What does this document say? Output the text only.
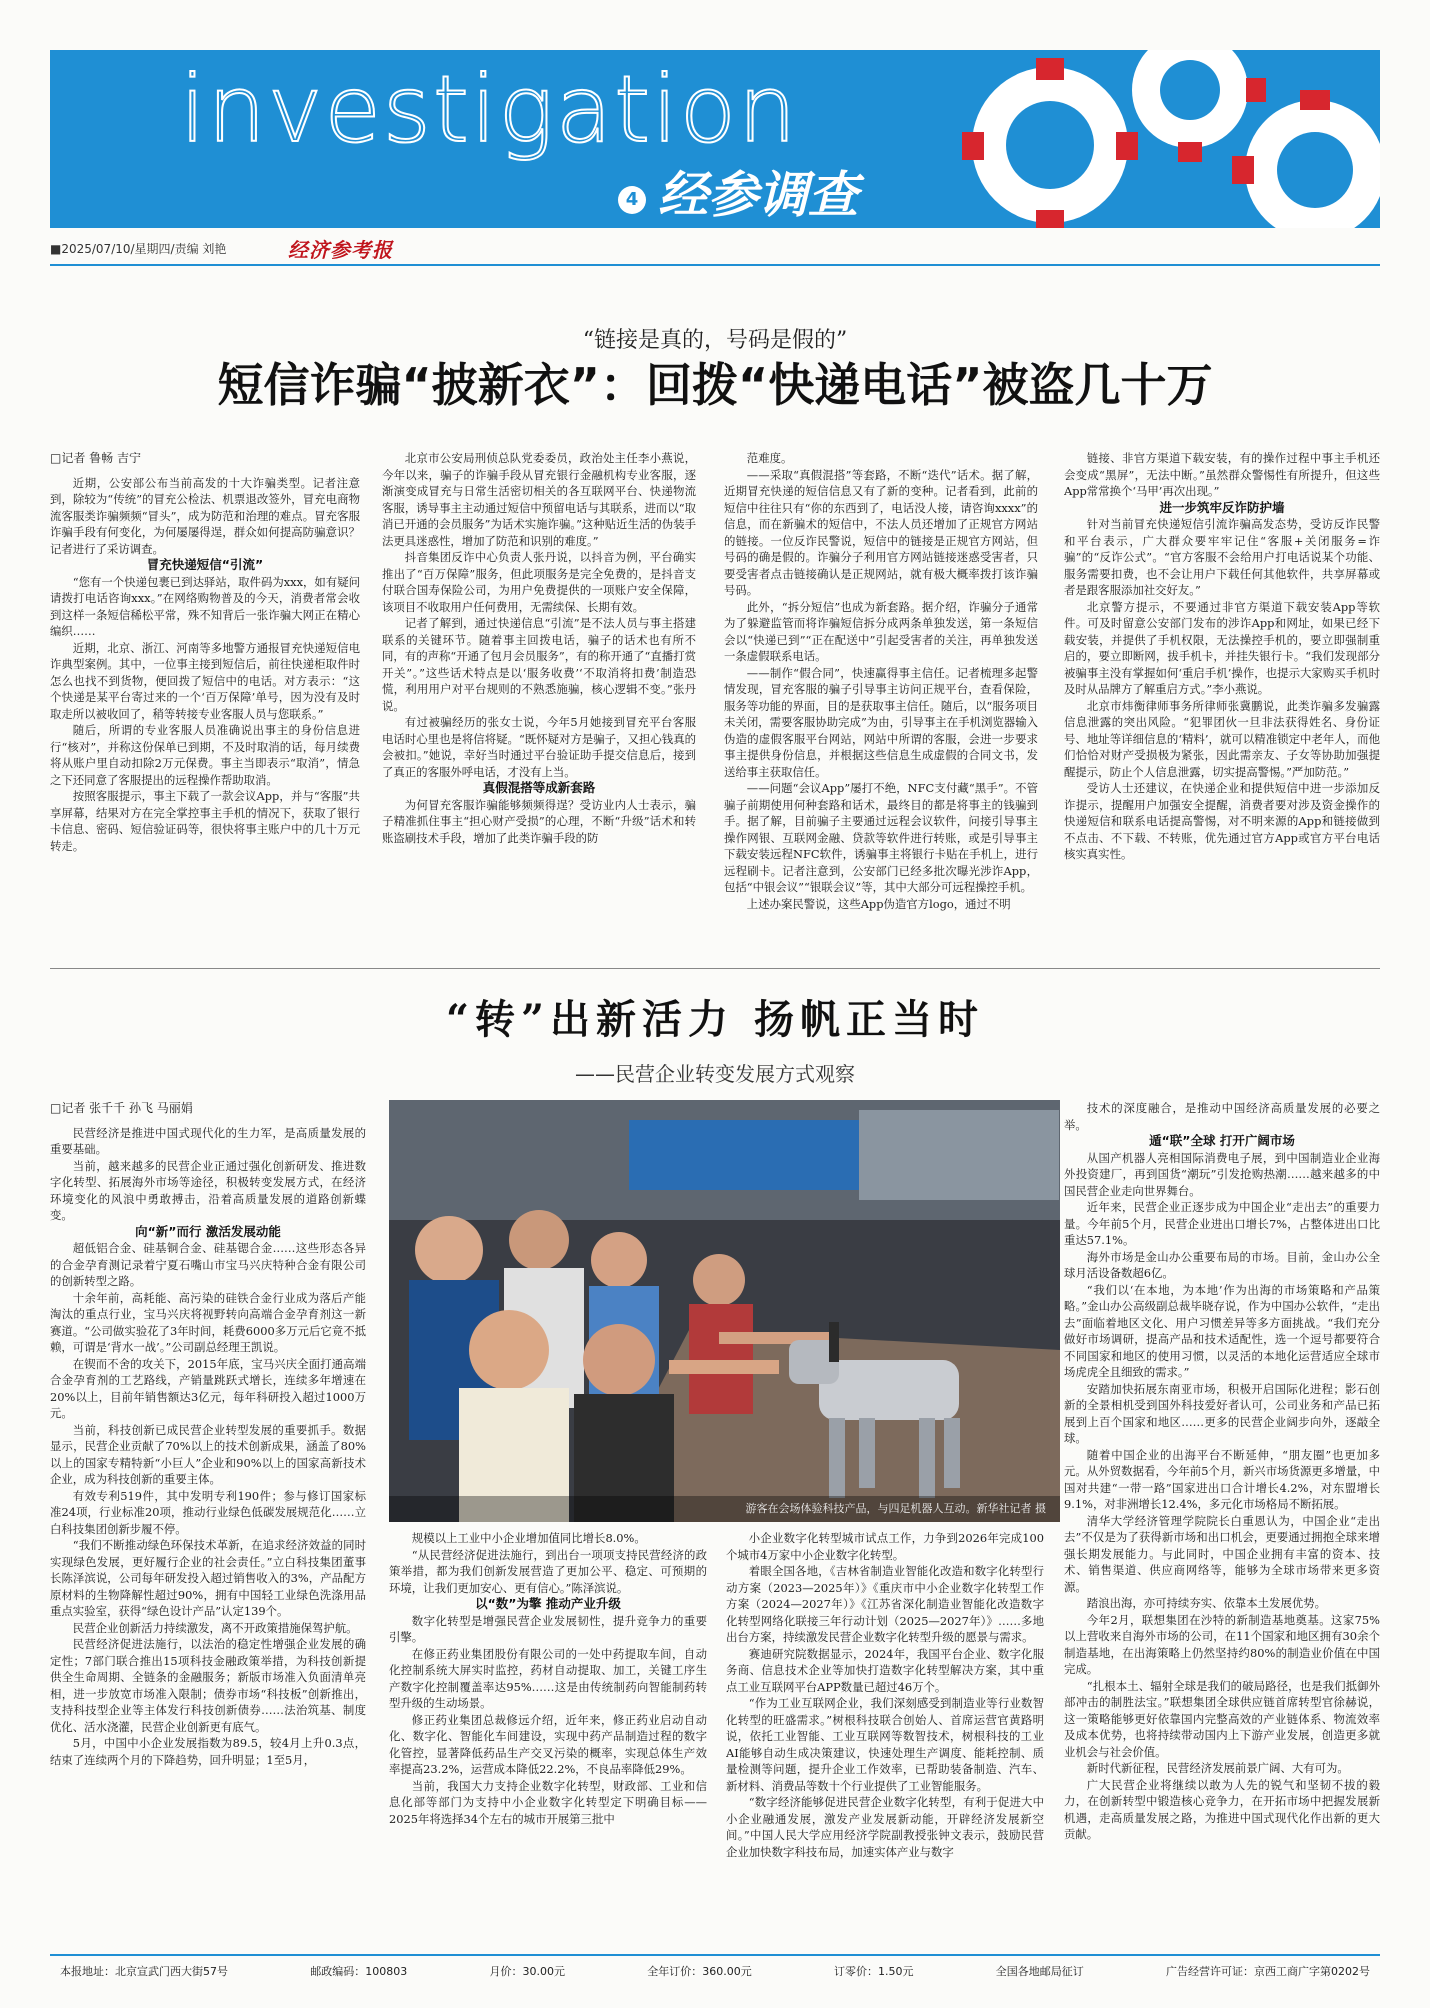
investigation
4 经参调查
■2025/07/10/星期四/责编 刘艳	经济参考报
“链接是真的，号码是假的”
短信诈骗“披新衣”：回拨“快递电话”被盗几十万
□记者 鲁畅 吉宁

近期，公安部公布当前高发的十大诈骗类型。记者注意到，除较为“传统”的冒充公检法、机票退改签外，冒充电商物流客服类诈骗频频“冒头”，成为防范和治理的难点。冒充客服诈骗手段有何变化，为何屡屡得逞，群众如何提高防骗意识？记者进行了采访调查。

冒充快递短信“引流”

“您有一个快递包裹已到达驿站，取件码为xxx，如有疑问请拨打电话咨询xxx。”在网络购物普及的今天，消费者常会收到这样一条短信稀松平常，殊不知背后一张诈骗大网正在精心编织……

近期，北京、浙江、河南等多地警方通报冒充快递短信电诈典型案例。其中，一位事主接到短信后，前往快递柜取件时怎么也找不到货物，便回拨了短信中的电话。对方表示：“这个快递是某平台寄过来的一个‘百万保障’单号，因为没有及时取走所以被收回了，稍等转接专业客服人员与您联系。”

随后，所谓的专业客服人员准确说出事主的身份信息进行“核对”，并称这份保单已到期，不及时取消的话，每月续费将从账户里自动扣除2万元保费。事主当即表示“取消”，情急之下还同意了客服提出的远程操作帮助取消。

按照客服提示，事主下载了一款会议App，并与“客服”共享屏幕，结果对方在完全掌控事主手机的情况下，获取了银行卡信息、密码、短信验证码等，很快将事主账户中的几十万元转走。

北京市公安局刑侦总队党委委员，政治处主任李小燕说，今年以来，骗子的诈骗手段从冒充银行金融机构专业客服，逐渐演变成冒充与日常生活密切相关的各互联网平台、快递物流客服，诱导事主主动通过短信中预留电话与其联系，进而以“取消已开通的会员服务”为话术实施诈骗。”这种贴近生活的伪装手法更具迷惑性，增加了防范和识别的难度。”

抖音集团反诈中心负责人张丹说，以抖音为例，平台确实推出了“百万保障”服务，但此项服务是完全免费的，是抖音支付联合国寿保险公司，为用户免费提供的一项账户安全保障，该项目不收取用户任何费用，无需续保、长期有效。

记者了解到，通过快递信息“引流”是不法人员与事主搭建联系的关键环节。随着事主回拨电话，骗子的话术也有所不同，有的声称“开通了包月会员服务”，有的称开通了“直播打赏开关”。”这些话术特点是以‘服务收费’‘不取消将扣费’制造恐慌，利用用户对平台规则的不熟悉施骗，核心逻辑不变。”张丹说。

有过被骗经历的张女士说，今年5月她接到冒充平台客服电话时心里也是将信将疑。“既怀疑对方是骗子，又担心钱真的会被扣。”她说，幸好当时通过平台验证助手提交信息后，接到了真正的客服外呼电话，才没有上当。

真假混搭等成新套路

为何冒充客服诈骗能够频频得逞？受访业内人士表示，骗子精准抓住事主“担心财产受损”的心理，不断“升级”话术和转账盗刷技术手段，增加了此类诈骗手段的防

范难度。

——采取“真假混搭”等套路，不断“迭代”话术。据了解，近期冒充快递的短信信息又有了新的变种。记者看到，此前的短信中往往只有“你的东西到了，电话没人接，请咨询xxxx”的信息，而在新骗术的短信中，不法人员还增加了正规官方网站的链接。一位反诈民警说，短信中的链接是正规官方网站，但号码的确是假的。诈骗分子利用官方网站链接迷惑受害者，只要受害者点击链接确认是正规网站，就有极大概率拨打该诈骗号码。

此外，“拆分短信”也成为新套路。据介绍，诈骗分子通常为了躲避监管而将诈骗短信拆分成两条单独发送，第一条短信会以“快递已到”“正在配送中”引起受害者的关注，再单独发送一条虚假联系电话。

——制作“假合同”，快速赢得事主信任。记者梳理多起警情发现，冒充客服的骗子引导事主访问正规平台，查看保险，服务等功能的界面，目的是获取事主信任。随后，以“服务项目未关闭，需要客服协助完成”为由，引导事主在手机浏览器输入伪造的虚假客服平台网站，网站中所谓的客服，会进一步要求事主提供身份信息，并根据这些信息生成虚假的合同文书，发送给事主获取信任。

——问题“会议App”屡打不绝，NFC支付藏“黑手”。不管骗子前期使用何种套路和话术，最终目的都是将事主的钱骗到手。据了解，目前骗子主要通过远程会议软件，问接引导事主操作网银、互联网金融、贷款等软件进行转账，或是引导事主下载安装远程NFC软件，诱骗事主将银行卡贴在手机上，进行远程刷卡。记者注意到，公安部门已经多批次曝光涉诈App，包括“中银会议”“银联会议”等，其中大部分可远程操控手机。

上述办案民警说，这些App伪造官方logo，通过不明

链接、非官方渠道下载安装，有的操作过程中事主手机还会变成“黑屏”，无法中断。”虽然群众警惕性有所提升，但这些App常常换个‘马甲’再次出现。”

进一步筑牢反诈防护墙

针对当前冒充快递短信引流诈骗高发态势，受访反诈民警和平台表示，广大群众要牢牢记住“客服+关闭服务=诈骗”的“反诈公式”。“官方客服不会给用户打电话说某个功能、服务需要扣费，也不会让用户下载任何其他软件，共享屏幕或者是跟客服添加社交好友。”

北京警方提示，不要通过非官方渠道下载安装App等软件。可及时留意公安部门发布的涉诈App和网址，如果已经下载安装，并提供了手机权限，无法操控手机的，要立即强制重启的，要立即断网，拔手机卡，并挂失银行卡。“我们发现部分被骗事主没有掌握如何‘重启手机’操作，也提示大家购买手机时及时从品牌方了解重启方式。”李小燕说。

北京市炜衡律师事务所律师张冀鹏说，此类诈骗多发骗露信息泄露的突出风险。“犯罪团伙一旦非法获得姓名、身份证号、地址等详细信息的‘精料’，就可以精准锁定中老年人，而他们恰恰对财产受损极为紧张，因此需亲友、子女等协助加强提醒提示，防止个人信息泄露，切实提高警惕。”严加防范。”

受访人士还建议，在快递企业和提供短信中进一步添加反诈提示，提醒用户加强安全提醒，消费者要对涉及资金操作的快递短信和联系电话提高警惕，对不明来源的App和链接做到不点击、不下载、不转账，优先通过官方App或官方平台电话核实真实性。

“转”出新活力 扬帆正当时
——民营企业转变发展方式观察
□记者 张千千 孙飞 马丽娟

民营经济是推进中国式现代化的生力军，是高质量发展的重要基础。

当前，越来越多的民营企业正通过强化创新研发、推进数字化转型、拓展海外市场等途径，积极转变发展方式，在经济环境变化的风浪中勇敢搏击，沿着高质量发展的道路创新蝶变。

向“新”而行 激活发展动能

超低铝合金、硅基铜合金、硅基锶合金……这些形态各异的合金孕育测记录着宁夏石嘴山市宝马兴庆特种合金有限公司的创新转型之路。

十余年前，高耗能、高污染的硅铁合金行业成为落后产能淘汰的重点行业，宝马兴庆将视野转向高端合金孕育剂这一新赛道。“公司做实验花了3年时间，耗费6000多万元后它竟不抵赖，可谓是‘背水一战’。”公司副总经理王凯说。

在锲而不舍的攻关下，2015年底，宝马兴庆全面打通高端合金孕育剂的工艺路线，产销量跳跃式增长，连续多年增速在20%以上，目前年销售额达3亿元，每年科研投入超过1000万元。

当前，科技创新已成民营企业转型发展的重要抓手。数据显示，民营企业贡献了70%以上的技术创新成果，涵盖了80%以上的国家专精特新“小巨人”企业和90%以上的国家高新技术企业，成为科技创新的重要主体。

有效专利519件，其中发明专利190件；参与修订国家标准24项，行业标准20项，推动行业绿色低碳发展规范化……立白科技集团创新步履不停。

“我们不断推动绿色环保技术革新，在追求经济效益的同时实现绿色发展，更好履行企业的社会责任。”立白科技集团董事长陈泽滨说，公司每年研发投入超过销售收入的3%，产品配方原材料的生物降解性超过90%，拥有中国轻工业绿色洗涤用品重点实验室，获得“绿色设计产品”认定139个。

民营企业创新活力持续激发，离不开政策措施保驾护航。

民营经济促进法施行，以法治的稳定性增强企业发展的确定性；7部门联合推出15项科技金融政策举措，为科技创新提供全生命周期、全链条的金融服务；新版市场准入负面清单亮相，进一步放宽市场准入限制；债券市场“科技板”创新推出，支持科技型企业等主体发行科技创新债券……法治筑基、制度优化、活水浇灌，民营企业创新更有底气。

5月，中国中小企业发展指数为89.5，较4月上升0.3点，结束了连续两个月的下降趋势，回升明显；1至5月，

游客在会场体验科技产品，与四足机器人互动。新华社记者 摄

规模以上工业中小企业增加值同比增长8.0%。

“从民营经济促进法施行，到出台一项项支持民营经济的政策举措，都为我们创新发展营造了更加公平、稳定、可预期的环境，让我们更加安心、更有信心。”陈泽滨说。

以“数”为擎 推动产业升级

数字化转型是增强民营企业发展韧性，提升竞争力的重要引擎。

在修正药业集团股份有限公司的一处中药提取车间，自动化控制系统大屏实时监控，药材自动提取、加工，关键工序生产数字化控制覆盖率达95%……这是由传统制药向智能制药转型升级的生动场景。

修正药业集团总裁修远介绍，近年来，修正药业启动自动化、数字化、智能化车间建设，实现中药产品制造过程的数字化管控，显著降低药品生产交叉污染的概率，实现总体生产效率提高23.2%，运营成本降低22.2%，不良品率降低29%。

当前，我国大力支持企业数字化转型，财政部、工业和信息化部等部门为支持中小企业数字化转型定下明确目标——2025年将选择34个左右的城市开展第三批中

小企业数字化转型城市试点工作，力争到2026年完成100个城市4万家中小企业数字化转型。

着眼全国各地，《吉林省制造业智能化改造和数字化转型行动方案（2023—2025年）》《重庆市中小企业数字化转型工作方案（2024—2027年）》《江苏省深化制造业智能化改造数字化转型网络化联接三年行动计划（2025—2027年）》……多地出台方案，持续激发民营企业数字化转型升级的愿景与需求。

赛迪研究院数据显示，2024年，我国平台企业、数字化服务商、信息技术企业等加快打造数字化转型解决方案，其中重点工业互联网平台APP数量已超过46万个。

“作为工业互联网企业，我们深刻感受到制造业等行业数智化转型的旺盛需求。”树根科技联合创始人、首席运营官黄路明说，依托工业智能、工业互联网等数智技术，树根科技的工业AI能够自动生成决策建议，快速处理生产调度、能耗控制、质量检测等问题，提升企业工作效率，已帮助装备制造、汽车、新材料、消费品等数十个行业提供了工业智能服务。

“数字经济能够促进民营企业数字化转型，有利于促进大中小企业融通发展，激发产业发展新动能，开辟经济发展新空间。”中国人民大学应用经济学院副教授张钟文表示，鼓励民营企业加快数字科技布局，加速实体产业与数字

技术的深度融合，是推动中国经济高质量发展的必要之举。

遁“联”全球 打开广阔市场

从国产机器人亮相国际消费电子展，到中国制造业企业海外投资建厂，再到国货“潮玩”引发抢购热潮……越来越多的中国民营企业走向世界舞台。

近年来，民营企业正逐步成为中国企业“走出去”的重要力量。今年前5个月，民营企业进出口增长7%，占整体进出口比重达57.1%。

海外市场是金山办公重要布局的市场。目前，金山办公全球月活设备数超6亿。

“我们以‘在本地，为本地’作为出海的市场策略和产品策略。”金山办公高级副总裁毕晓存说，作为中国办公软件，“走出去”面临着地区文化、用户习惯差异等多方面挑战。“我们充分做好市场调研，提高产品和技术适配性，选一个逗号都要符合不同国家和地区的使用习惯，以灵活的本地化运营适应全球市场虎虎全且细致的需求。”

安踏加快拓展东南亚市场，积极开启国际化进程；影石创新的全景相机受到国外科技爱好者认可，公司业务和产品已拓展到上百个国家和地区……更多的民营企业阔步向外，逐敲全球。

随着中国企业的出海平台不断延伸，“朋友圈”也更加多元。从外贸数据看，今年前5个月，新兴市场货源更多增量，中国对共建“一带一路”国家进出口合计增长4.2%，对东盟增长9.1%，对非洲增长12.4%，多元化市场格局不断拓展。

清华大学经济管理学院院长白重恩认为，中国企业“走出去”不仅是为了获得新市场和出口机会，更要通过拥抱全球来增强长期发展能力。与此同时，中国企业拥有丰富的资本、技术、销售渠道、供应商网络等，能够为全球市场带来更多资源。

踏浪出海，亦可持续夯实、依靠本土发展优势。

今年2月，联想集团在沙特的新制造基地奠基。这家75%以上营收来自海外市场的公司，在11个国家和地区拥有30余个制造基地，在出海策略上仍然坚持约80%的制造业价值在中国完成。

“扎根本土、辐射全球是我们的破局路径，也是我们抵御外部冲击的制胜法宝。”联想集团全球供应链首席转型官徐赫说，这一策略能够更好依靠国内完整高效的产业链体系、物流效率及成本优势，也将持续带动国内上下游产业发展，创造更多就业机会与社会价值。

新时代新征程，民营经济发展前景广阔、大有可为。

广大民营企业将继续以敢为人先的锐气和坚韧不拔的毅力，在创新转型中锻造核心竞争力，在开拓市场中把握发展新机遇，走高质量发展之路，为推进中国式现代化作出新的更大贡献。

本报地址：北京宣武门西大街57号	邮政编码：100803	月价：30.00元	全年订价：360.00元	订零价：1.50元	全国各地邮局征订	广告经营许可证：京西工商广字第0202号
